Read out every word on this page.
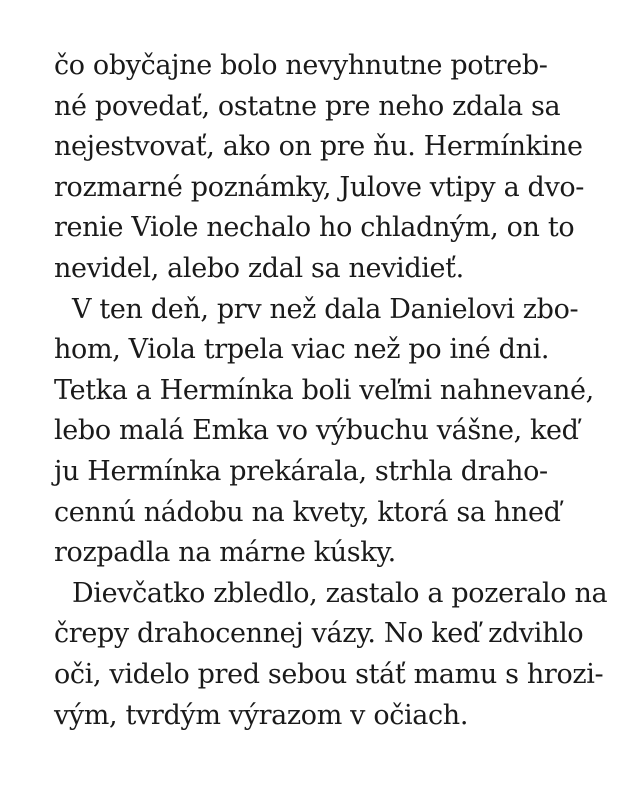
čo obyčajne bolo nevyhnutne potreb-
né povedať, ostatne pre neho zdala sa
nejestvovať, ako on pre ňu. Hermínkine
rozmarné poznámky, Julove vtipy a dvo-
renie Viole nechalo ho chladným, on to
nevidel, alebo zdal sa nevidieť.

V ten deň, prv než dala Danielovi zbo-
hom, Viola trpela viac než po iné dni.
Tetka a Hermínka boli veľmi nahnevané,
lebo malá Emka vo výbuchu vášne, keď
ju Hermínka prekárala, strhla draho-
cennú nádobu na kvety, ktorá sa hneď
rozpadla na márne kúsky.

Dievčatko zbledlo, zastalo a pozeralo na
črepy drahocennej vázy. No keď zdvihlo
oči, videlo pred sebou stáť mamu s hrozi-
vým, tvrdým výrazom v očiach.
